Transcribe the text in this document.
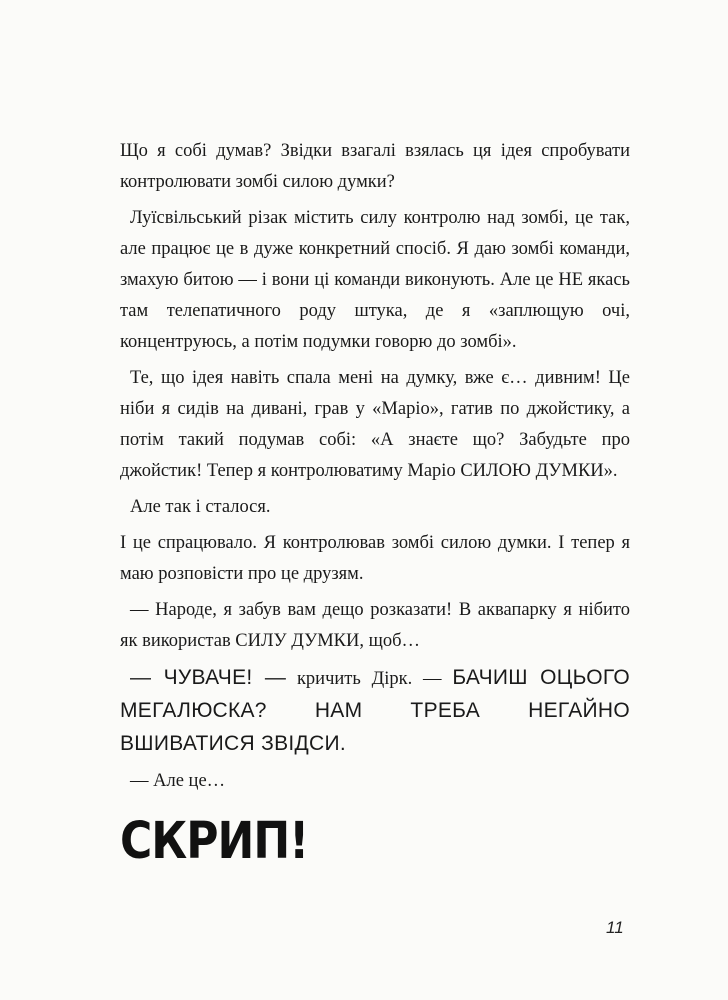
Що я собі думав? Звідки взагалі взялась ця ідея спробувати контролювати зомбі силою думки?

Луїсвільський різак містить силу контролю над зомбі, це так, але працює це в дуже конкретний спосіб. Я даю зомбі команди, змахую битою — і вони ці команди виконують. Але це НЕ якась там телепатичного роду штука, де я «заплющую очі, концентруюсь, а потім подумки говорю до зомбі».

Те, що ідея навіть спала мені на думку, вже є… дивним! Це ніби я сидів на дивані, грав у «Маріо», гатив по джойстику, а потім такий подумав собі: «А знаєте що? Забудьте про джойстик! Тепер я контролюватиму Маріо СИЛОЮ ДУМКИ».

Але так і сталося.

І це спрацювало. Я контролював зомбі силою думки. І тепер я маю розповісти про це друзям.

— Народе, я забув вам дещо розказати! В аквапарку я нібито як використав СИЛУ ДУМКИ, щоб…

— ЧУВАЧЕ! — кричить Дірк. — БАЧИШ ОЦЬОГО МЕГАЛЮСКА? НАМ ТРЕБА НЕГАЙНО ВШИВАТИСЯ ЗВІДСИ.

— Але це…

СКРИП!
11
